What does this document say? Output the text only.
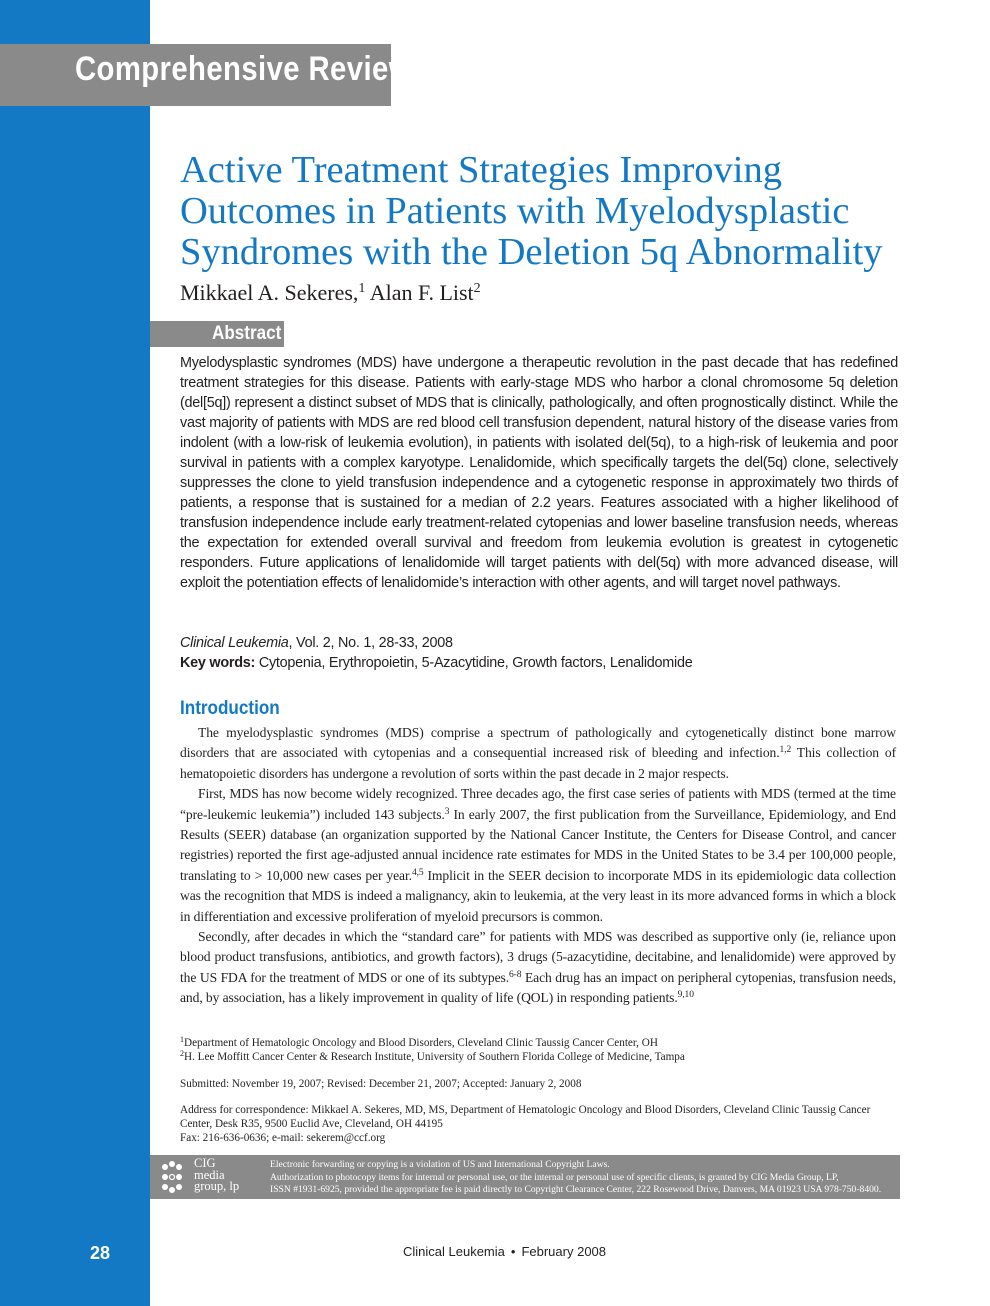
Comprehensive Review
Active Treatment Strategies Improving Outcomes in Patients with Myelodysplastic Syndromes with the Deletion 5q Abnormality
Mikkael A. Sekeres,$^1$ Alan F. List$^2$
Abstract

Myelodysplastic syndromes (MDS) have undergone a therapeutic revolution in the past decade that has redefined treatment strategies for this disease. Patients with early-stage MDS who harbor a clonal chromosome 5q deletion (del[5q]) represent a distinct subset of MDS that is clinically, pathologically, and often prognostically distinct. While the vast majority of patients with MDS are red blood cell transfusion dependent, natural history of the disease varies from indolent (with a low-risk of leukemia evolution), in patients with isolated del(5q), to a high-risk of leukemia and poor survival in patients with a complex karyotype. Lenalidomide, which specifically targets the del(5q) clone, selectively suppresses the clone to yield transfusion independence and a cytogenetic response in approximately two thirds of patients, a response that is sustained for a median of 2.2 years. Features associated with a higher likelihood of transfusion independence include early treatment-related cytopenias and lower baseline transfusion needs, whereas the expectation for extended overall survival and freedom from leukemia evolution is greatest in cytogenetic responders. Future applications of lenalidomide will target patients with del(5q) with more advanced disease, will exploit the potentiation effects of lenalidomide’s interaction with other agents, and will target novel pathways.

Clinical Leukemia, Vol. 2, No. 1, 28-33, 2008
Key words: Cytopenia, Erythropoietin, 5-Azacytidine, Growth factors, Lenalidomide
Introduction

The myelodysplastic syndromes (MDS) comprise a spectrum of pathologically and cytogenetically distinct bone marrow disorders that are associated with cytopenias and a consequential increased risk of bleeding and infection.$^{1,2}$ This collection of hematopoietic disorders has undergone a revolution of sorts within the past decade in 2 major respects.

First, MDS has now become widely recognized. Three decades ago, the first case series of patients with MDS (termed at the time “pre-leukemic leukemia”) included 143 subjects.$^3$ In early 2007, the first publication from the Surveillance, Epidemiology, and End Results (SEER) database (an organization supported by the National Cancer Institute, the Centers for Disease Control, and cancer registries) reported the first age-adjusted annual incidence rate estimates for MDS in the United States to be 3.4 per 100,000 people, translating to > 10,000 new cases per year.$^{4,5}$ Implicit in the SEER decision to incorporate MDS in its epidemiologic data collection was the recognition that MDS is indeed a malignancy, akin to leukemia, at the very least in its more advanced forms in which a block in differentiation and excessive proliferation of myeloid precursors is common.

Secondly, after decades in which the “standard care” for patients with MDS was described as supportive only (ie, reliance upon blood product transfusions, antibiotics, and growth factors), 3 drugs (5-azacytidine, decitabine, and lenalidomide) were approved by the US FDA for the treatment of MDS or one of its subtypes.$^{6-8}$ Each drug has an impact on peripheral cytopenias, transfusion needs, and, by association, has a likely improvement in quality of life (QOL) in responding patients.$^{9,10}$

$^1$Department of Hematologic Oncology and Blood Disorders, Cleveland Clinic Taussig Cancer Center, OH
$^2$H. Lee Moffitt Cancer Center & Research Institute, University of Southern Florida College of Medicine, Tampa
Submitted: November 19, 2007; Revised: December 21, 2007; Accepted: January 2, 2008
Address for correspondence: Mikkael A. Sekeres, MD, MS, Department of Hematologic Oncology and Blood Disorders, Cleveland Clinic Taussig Cancer Center, Desk R35, 9500 Euclid Ave, Cleveland, OH 44195
Fax: 216-636-0636; e-mail: sekerem@ccf.org
CIG
media
group, lp
Electronic forwarding or copying is a violation of US and International Copyright Laws.
Authorization to photocopy items for internal or personal use, or the internal or personal use of specific clients, is granted by CIG Media Group, LP,
ISSN #1931-6925, provided the appropriate fee is paid directly to Copyright Clearance Center, 222 Rosewood Drive, Danvers, MA 01923 USA 978-750-8400.
28	Clinical Leukemia • February 2008
